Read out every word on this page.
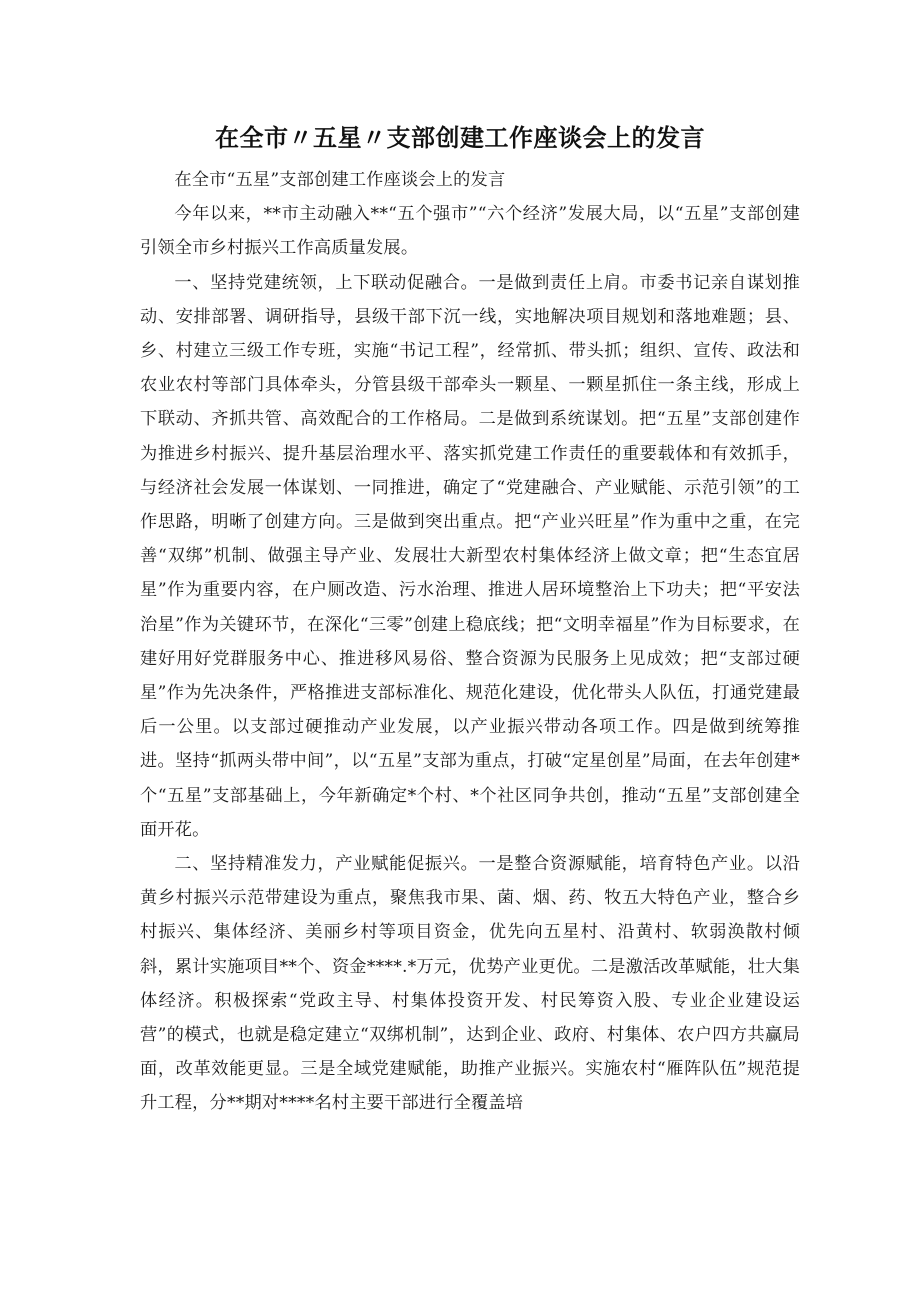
在全市〃五星〃支部创建工作座谈会上的发言

在全市“五星”支部创建工作座谈会上的发言

今年以来，**市主动融入**“五个强市”“六个经济”发展大局，以“五星”支部创建引领全市乡村振兴工作高质量发展。

一、坚持党建统领，上下联动促融合。一是做到责任上肩。市委书记亲自谋划推动、安排部署、调研指导，县级干部下沉一线，实地解决项目规划和落地难题；县、乡、村建立三级工作专班，实施“书记工程”，经常抓、带头抓；组织、宣传、政法和农业农村等部门具体牵头，分管县级干部牵头一颗星、一颗星抓住一条主线，形成上下联动、齐抓共管、高效配合的工作格局。二是做到系统谋划。把“五星”支部创建作为推进乡村振兴、提升基层治理水平、落实抓党建工作责任的重要载体和有效抓手，与经济社会发展一体谋划、一同推进，确定了“党建融合、产业赋能、示范引领”的工作思路，明晰了创建方向。三是做到突出重点。把“产业兴旺星”作为重中之重，在完善“双绑”机制、做强主导产业、发展壮大新型农村集体经济上做文章；把“生态宜居星”作为重要内容，在户厕改造、污水治理、推进人居环境整治上下功夫；把“平安法治星”作为关键环节，在深化“三零”创建上稳底线；把“文明幸福星”作为目标要求，在建好用好党群服务中心、推进移风易俗、整合资源为民服务上见成效；把“支部过硬星”作为先决条件，严格推进支部标准化、规范化建设，优化带头人队伍，打通党建最后一公里。以支部过硬推动产业发展，以产业振兴带动各项工作。四是做到统筹推进。坚持“抓两头带中间”，以“五星”支部为重点，打破“定星创星”局面，在去年创建*个“五星”支部基础上，今年新确定*个村、*个社区同争共创，推动“五星”支部创建全面开花。

二、坚持精准发力，产业赋能促振兴。一是整合资源赋能，培育特色产业。以沿黄乡村振兴示范带建设为重点，聚焦我市果、菌、烟、药、牧五大特色产业，整合乡村振兴、集体经济、美丽乡村等项目资金，优先向五星村、沿黄村、软弱涣散村倾斜，累计实施项目**个、资金****.*万元，优势产业更优。二是激活改革赋能，壮大集体经济。积极探索“党政主导、村集体投资开发、村民筹资入股、专业企业建设运营”的模式，也就是稳定建立“双绑机制”，达到企业、政府、村集体、农户四方共赢局面，改革效能更显。三是全域党建赋能，助推产业振兴。实施农村“雁阵队伍”规范提升工程，分**期对****名村主要干部进行全覆盖培
